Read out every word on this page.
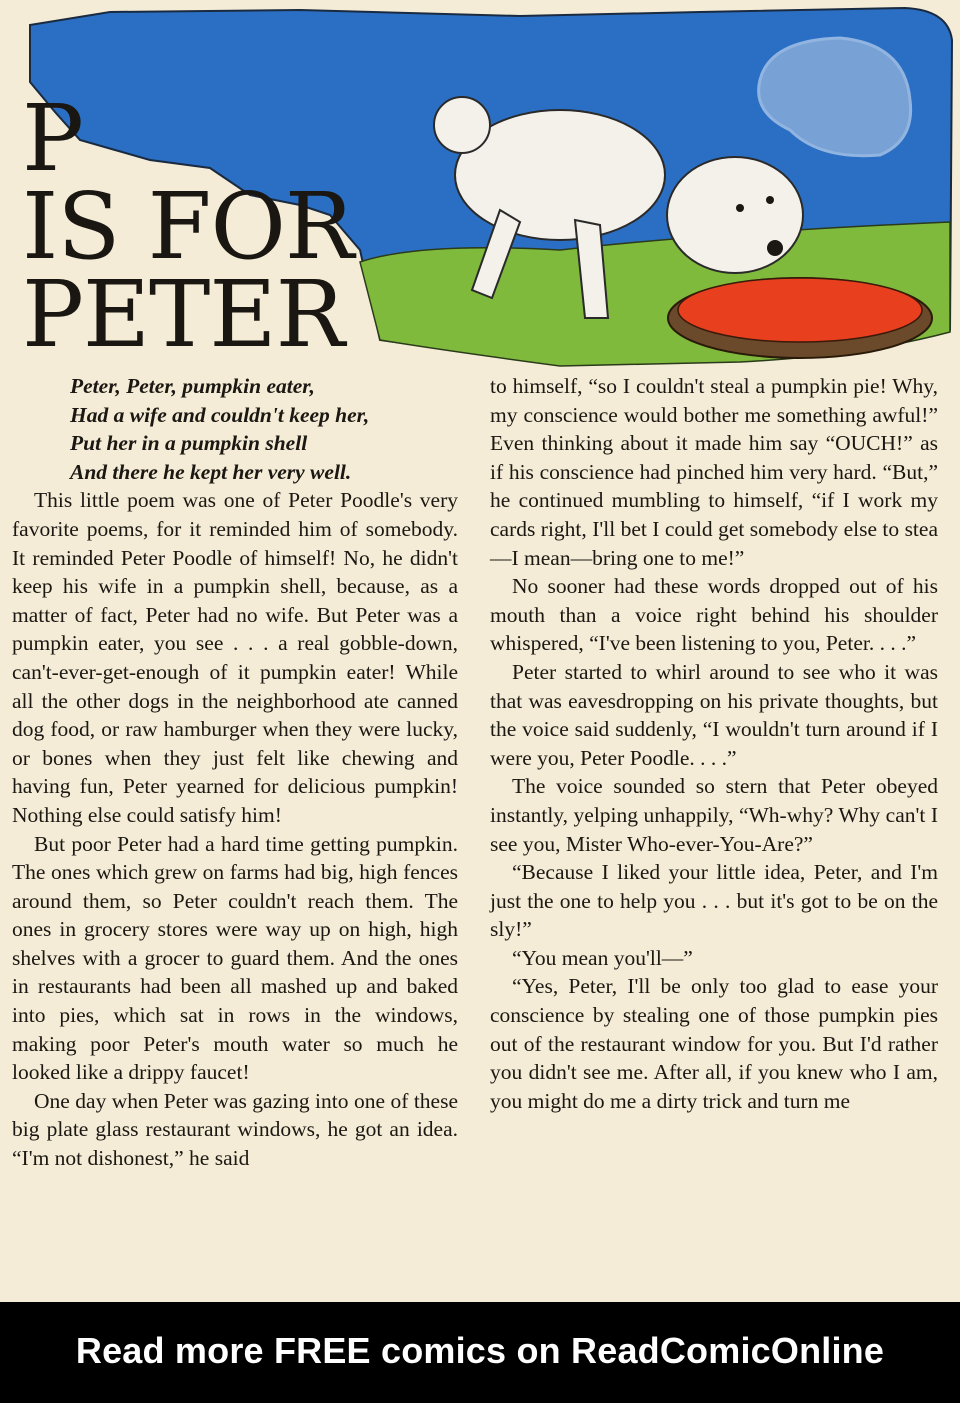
P
IS FOR
PETER
Peter, Peter, pumpkin eater,
Had a wife and couldn't keep her,
Put her in a pumpkin shell
And there he kept her very well.

This little poem was one of Peter Poodle's very favorite poems, for it reminded him of somebody. It reminded Peter Poodle of himself! No, he didn't keep his wife in a pumpkin shell, because, as a matter of fact, Peter had no wife. But Peter was a pumpkin eater, you see . . . a real gobble-down, can't-ever-get-enough of it pumpkin eater! While all the other dogs in the neighborhood ate canned dog food, or raw hamburger when they were lucky, or bones when they just felt like chewing and having fun, Peter yearned for delicious pumpkin! Nothing else could satisfy him!

But poor Peter had a hard time getting pumpkin. The ones which grew on farms had big, high fences around them, so Peter couldn't reach them. The ones in grocery stores were way up on high, high shelves with a grocer to guard them. And the ones in restaurants had been all mashed up and baked into pies, which sat in rows in the windows, making poor Peter's mouth water so much he looked like a drippy faucet!

One day when Peter was gazing into one of these big plate glass restaurant windows, he got an idea. “I'm not dishonest,” he said

to himself, “so I couldn't steal a pumpkin pie! Why, my conscience would bother me something awful!” Even thinking about it made him say “OUCH!” as if his conscience had pinched him very hard. “But,” he continued mumbling to himself, “if I work my cards right, I'll bet I could get somebody else to stea—I mean—bring one to me!”

No sooner had these words dropped out of his mouth than a voice right behind his shoulder whispered, “I've been listening to you, Peter. . . .”

Peter started to whirl around to see who it was that was eavesdropping on his private thoughts, but the voice said suddenly, “I wouldn't turn around if I were you, Peter Poodle. . . .”

The voice sounded so stern that Peter obeyed instantly, yelping unhappily, “Wh-why? Why can't I see you, Mister Who-ever-You-Are?”

“Because I liked your little idea, Peter, and I'm just the one to help you . . . but it's got to be on the sly!”

“You mean you'll—”

“Yes, Peter, I'll be only too glad to ease your conscience by stealing one of those pumpkin pies out of the restaurant window for you. But I'd rather you didn't see me. After all, if you knew who I am, you might do me a dirty trick and turn me

Read more FREE comics on ReadComicOnline
